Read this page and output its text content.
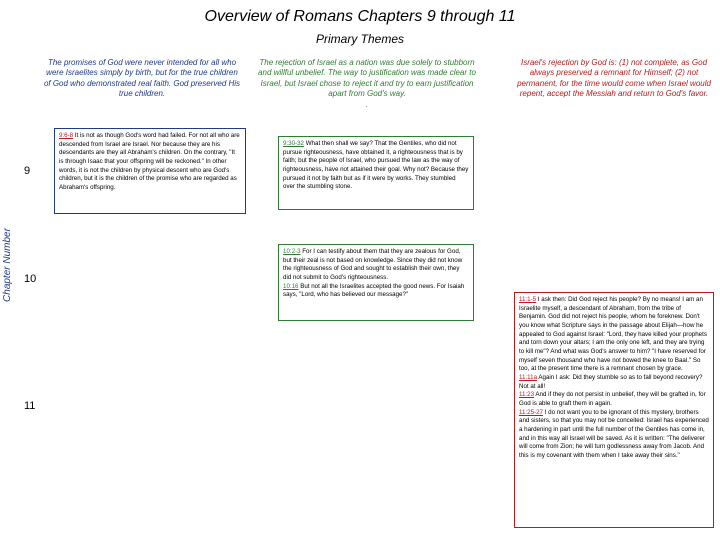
Overview of Romans Chapters 9 through 11
Primary Themes
The promises of God were never intended for all who were Israelites simply by birth, but for the true children of God who demonstrated real faith. God preserved His true children.
The rejection of Israel as a nation was due solely to stubborn and willful unbelief. The way to justification was made clear to Israel, but Israel chose to reject it and try to earn justification apart from God's way.
.
Israel's rejection by God is: (1) not complete, as God always preserved a remnant for Himself; (2) not permanent, for the time would come when Israel would repent, accept the Messiah and return to God's favor.
Chapter Number
9
10
11
9:6-8 It is not as though God's word had failed. For not all who are descended from Israel are Israel. Nor because they are his descendants are they all Abraham's children. On the contrary, "It is through Isaac that your offspring will be reckoned." In other words, it is not the children by physical descent who are God's children, but it is the children of the promise who are regarded as Abraham's offspring.
9:30-32 What then shall we say? That the Gentiles, who did not pursue righteousness, have obtained it, a righteousness that is by faith; but the people of Israel, who pursued the law as the way of righteousness, have not attained their goal. Why not? Because they pursued it not by faith but as if it were by works. They stumbled over the stumbling stone.
10:2-3 For I can testify about them that they are zealous for God, but their zeal is not based on knowledge. Since they did not know the righteousness of God and sought to establish their own, they did not submit to God's righteousness.
10:16 But not all the Israelites accepted the good news. For Isaiah says, "Lord, who has believed our message?"
11:1-5 I ask then: Did God reject his people? By no means! I am an Israelite myself, a descendant of Abraham, from the tribe of Benjamin. God did not reject his people, whom he foreknew. Don't you know what Scripture says in the passage about Elijah—how he appealed to God against Israel: "Lord, they have killed your prophets and torn down your altars; I am the only one left, and they are trying to kill me"? And what was God's answer to him? "I have reserved for myself seven thousand who have not bowed the knee to Baal." So too, at the present time there is a remnant chosen by grace.
11:11a Again I ask: Did they stumble so as to fall beyond recovery? Not at all!
11:23 And if they do not persist in unbelief, they will be grafted in, for God is able to graft them in again.
11:25-27 I do not want you to be ignorant of this mystery, brothers and sisters, so that you may not be conceited: Israel has experienced a hardening in part until the full number of the Gentiles has come in, and in this way all Israel will be saved. As it is written: "The deliverer will come from Zion; he will turn godlessness away from Jacob. And this is my covenant with them when I take away their sins."
